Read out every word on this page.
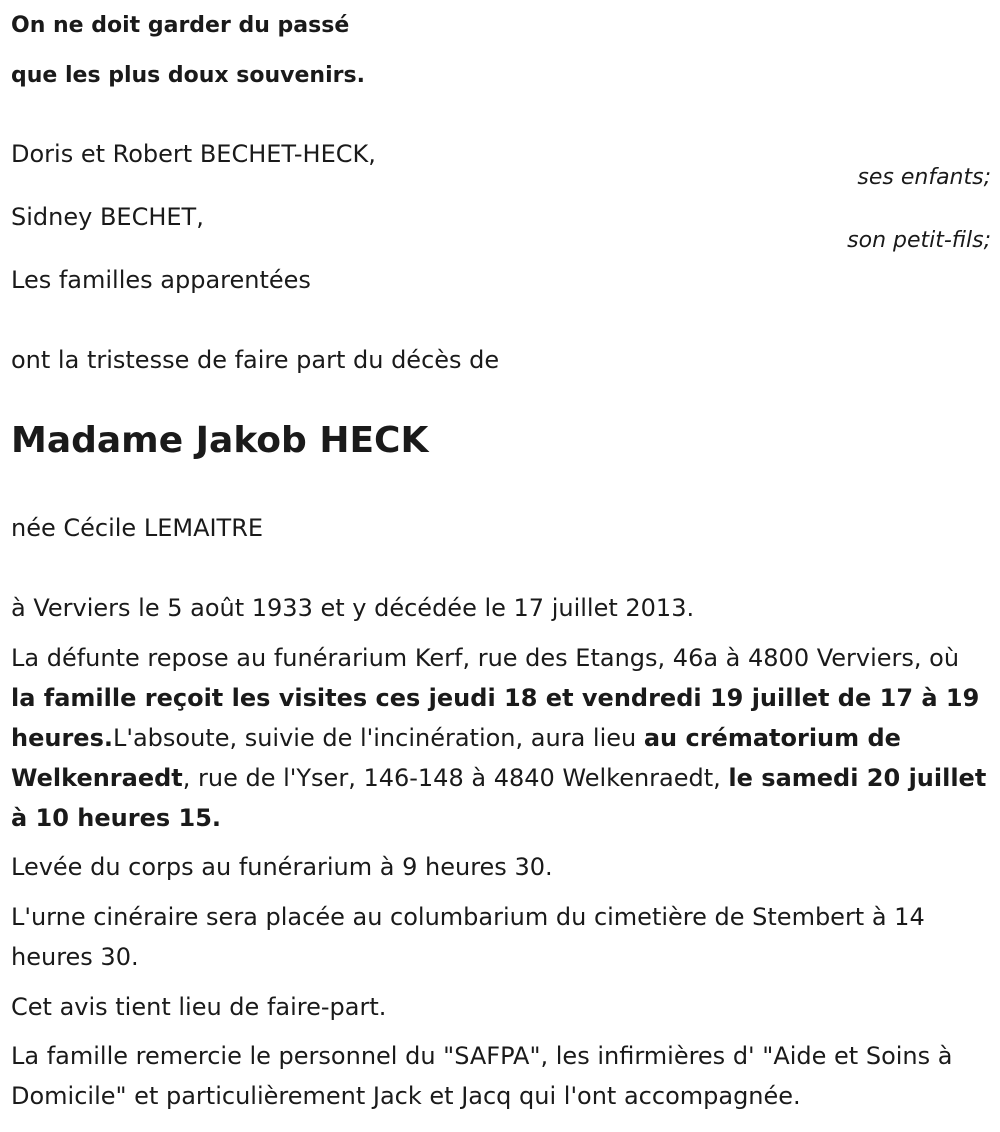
On ne doit garder du passé
que les plus doux souvenirs.
Doris et Robert BECHET-HECK,
ses enfants;
Sidney BECHET,
son petit-fils;
Les familles apparentées
ont la tristesse de faire part du décès de
Madame Jakob HECK
née Cécile LEMAITRE
à Verviers le 5 août 1933 et y décédée le 17 juillet 2013.

La défunte repose au funérarium Kerf, rue des Etangs, 46a à 4800 Verviers, où la famille reçoit les visites ces jeudi 18 et vendredi 19 juillet de 17 à 19 heures.L'absoute, suivie de l'incinération, aura lieu au crématorium de Welkenraedt, rue de l'Yser, 146-148 à 4840 Welkenraedt, le samedi 20 juillet à 10 heures 15.

Levée du corps au funérarium à 9 heures 30.

L'urne cinéraire sera placée au columbarium du cimetière de Stembert à 14 heures 30.

Cet avis tient lieu de faire-part.

La famille remercie le personnel du "SAFPA", les infirmières d' "Aide et Soins à Domicile" et particulièrement Jack et Jacq qui l'ont accompagnée.
